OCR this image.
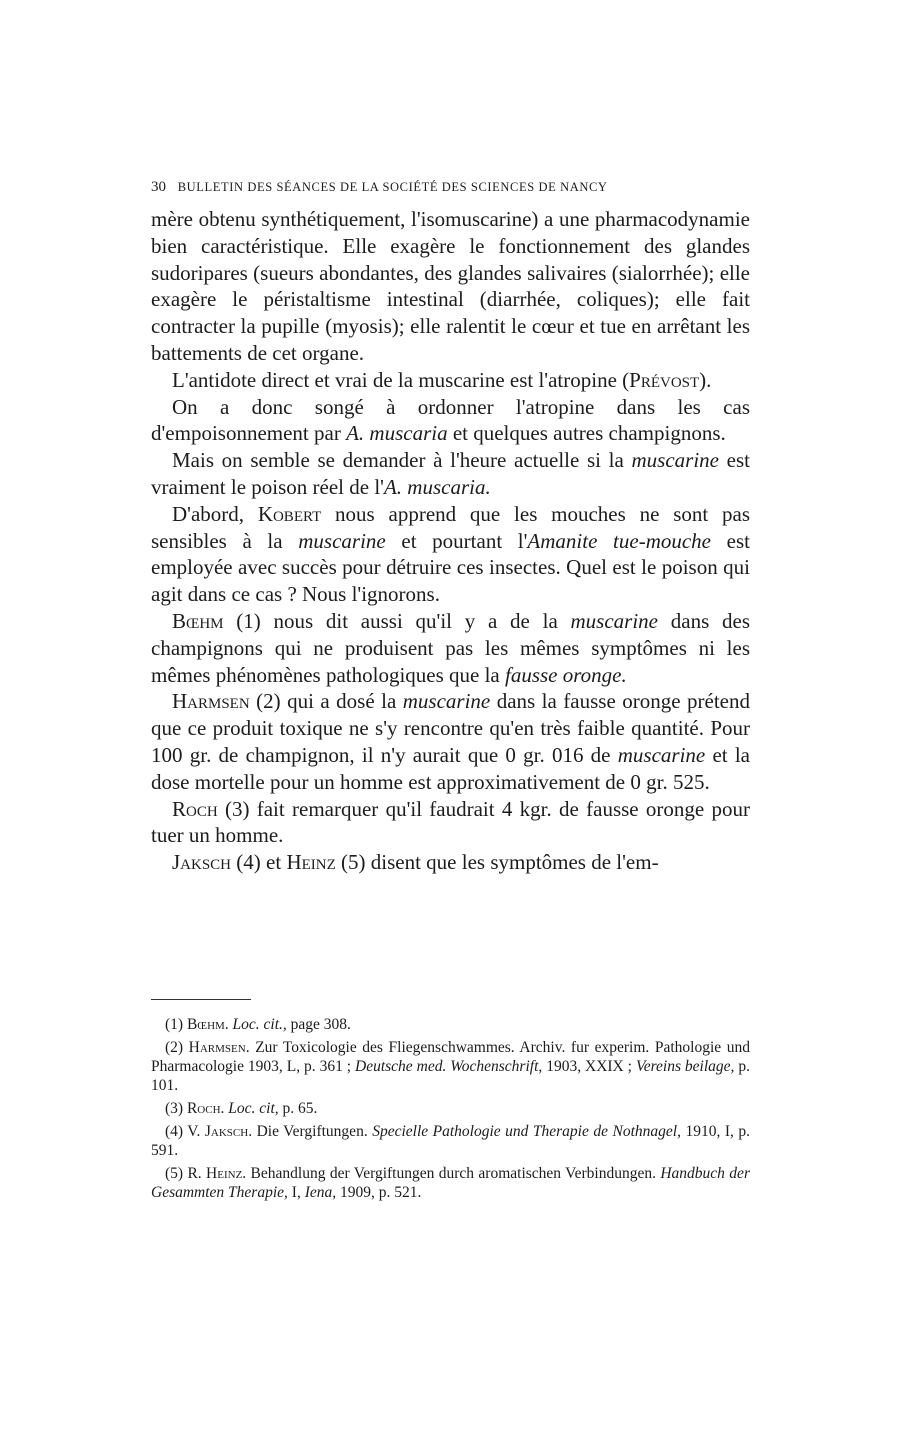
30 BULLETIN DES SÉANCES DE LA SOCIÉTÉ DES SCIENCES DE NANCY

mère obtenu synthétiquement, l'isomuscarine) a une pharmacodynamie bien caractéristique. Elle exagère le fonctionnement des glandes sudoripares (sueurs abondantes, des glandes salivaires (sialorrhée); elle exagère le péristaltisme intestinal (diarrhée, coliques); elle fait contracter la pupille (myosis); elle ralentit le cœur et tue en arrêtant les battements de cet organe.

L'antidote direct et vrai de la muscarine est l'atropine (Prévost).

On a donc songé à ordonner l'atropine dans les cas d'empoisonnement par A. muscaria et quelques autres champignons.

Mais on semble se demander à l'heure actuelle si la muscarine est vraiment le poison réel de l'A. muscaria.

D'abord, Kobert nous apprend que les mouches ne sont pas sensibles à la muscarine et pourtant l'Amanite tue-mouche est employée avec succès pour détruire ces insectes. Quel est le poison qui agit dans ce cas ? Nous l'ignorons.

Bœhm (1) nous dit aussi qu'il y a de la muscarine dans des champignons qui ne produisent pas les mêmes symptômes ni les mêmes phénomènes pathologiques que la fausse oronge.

Harmsen (2) qui a dosé la muscarine dans la fausse oronge prétend que ce produit toxique ne s'y rencontre qu'en très faible quantité. Pour 100 gr. de champignon, il n'y aurait que 0 gr. 016 de muscarine et la dose mortelle pour un homme est approximativement de 0 gr. 525.

Roch (3) fait remarquer qu'il faudrait 4 kgr. de fausse oronge pour tuer un homme.

Jaksch (4) et Heinz (5) disent que les symptômes de l'em-

(1) Bœhm. Loc. cit., page 308.

(2) Harmsen. Zur Toxicologie des Fliegenschwammes. Archiv. fur experim. Pathologie und Pharmacologie 1903, L, p. 361 ; Deutsche med. Wochenschrift, 1903, XXIX ; Vereins beilage, p. 101.

(3) Roch. Loc. cit, p. 65.

(4) V. Jaksch. Die Vergiftungen. Specielle Pathologie und Therapie de Nothnagel, 1910, I, p. 591.

(5) R. Heinz. Behandlung der Vergiftungen durch aromatischen Verbindungen. Handbuch der Gesammten Therapie, I, Iena, 1909, p. 521.
